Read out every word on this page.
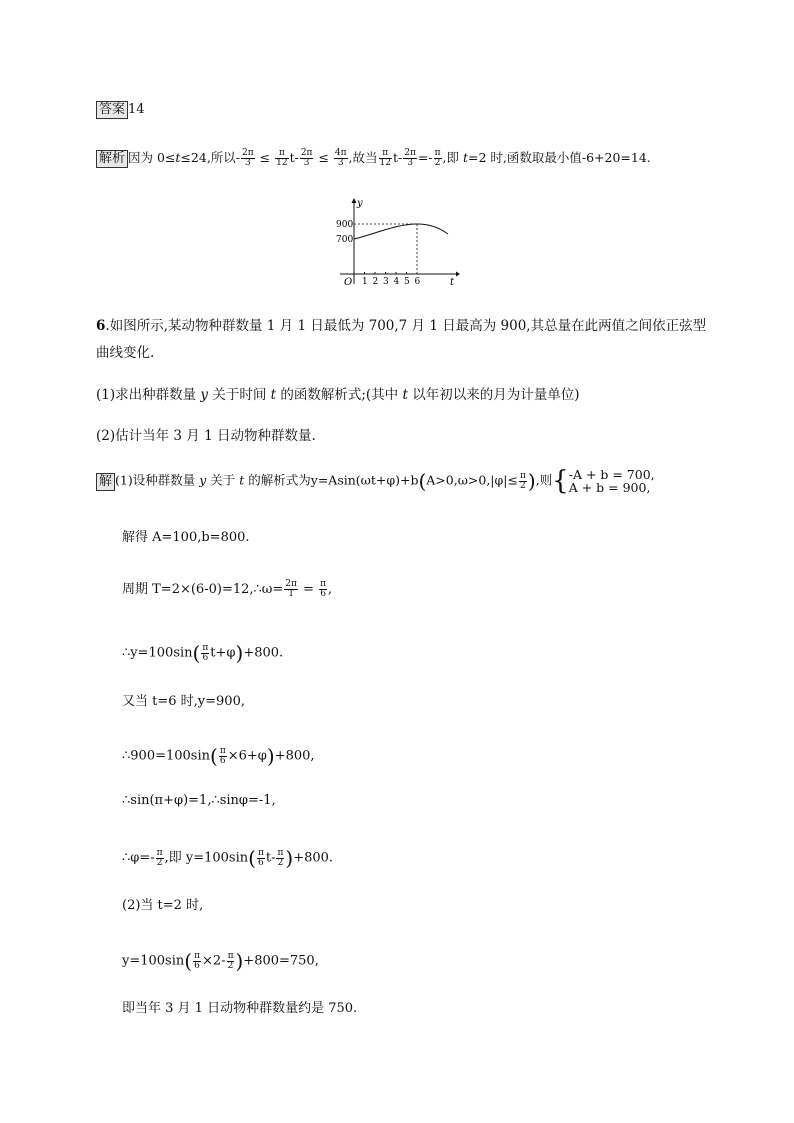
答案 14
解析 因为 0≤t≤24,所以- $\frac{2\pi}{3} \le \frac{\pi}{12} t- \frac{2\pi}{3} \le \frac{4\pi}{3}$ ,故当 $\frac{\pi}{12} t- \frac{2\pi}{3} =- \frac{\pi}{2}$ ,即 t=2 时,函数取最小值-6+20=14.
y
t
O
900
700
1 2 3 4 5 6
6.如图所示,某动物种群数量 1 月 1 日最低为 700,7 月 1 日最高为 900,其总量在此两值之间依正弦型
曲线变化.
(1)求出种群数量 y 关于时间 t 的函数解析式;(其中 t 以年初以来的月为计量单位)
(2)估计当年 3 月 1 日动物种群数量.
解 (1)设种群数量 y 关于 t 的解析式为$y=Asin(\omega t+\varphi)+b(A>0,\omega>0,|\varphi|\le \frac{\pi}{2}$ ),则{ -A + b = 700,
A + b = 900,
解得 A=100,b=800.
周期 T=2×(6-0)=12,∴ω= $\frac{2\pi}{T} = \frac{\pi}{6}$ ,
∴y=100sin( $\frac{\pi}{6} t+\varphi)+800$.
又当 t=6 时,y=900,
∴900=100sin( $\frac{\pi}{6} \times 6+\varphi)+800$,
∴sin(π+φ)=1,∴sinφ=-1,
∴φ=- $\frac{\pi}{2}$ ,即 $y=100\sin( \frac{\pi}{6} t- \frac{\pi}{2} )+800$.
(2)当 t=2 时,
$y=100\sin( \frac{\pi}{6} \times 2- \frac{\pi}{2} )+800=750$,
即当年 3 月 1 日动物种群数量约是 750.
